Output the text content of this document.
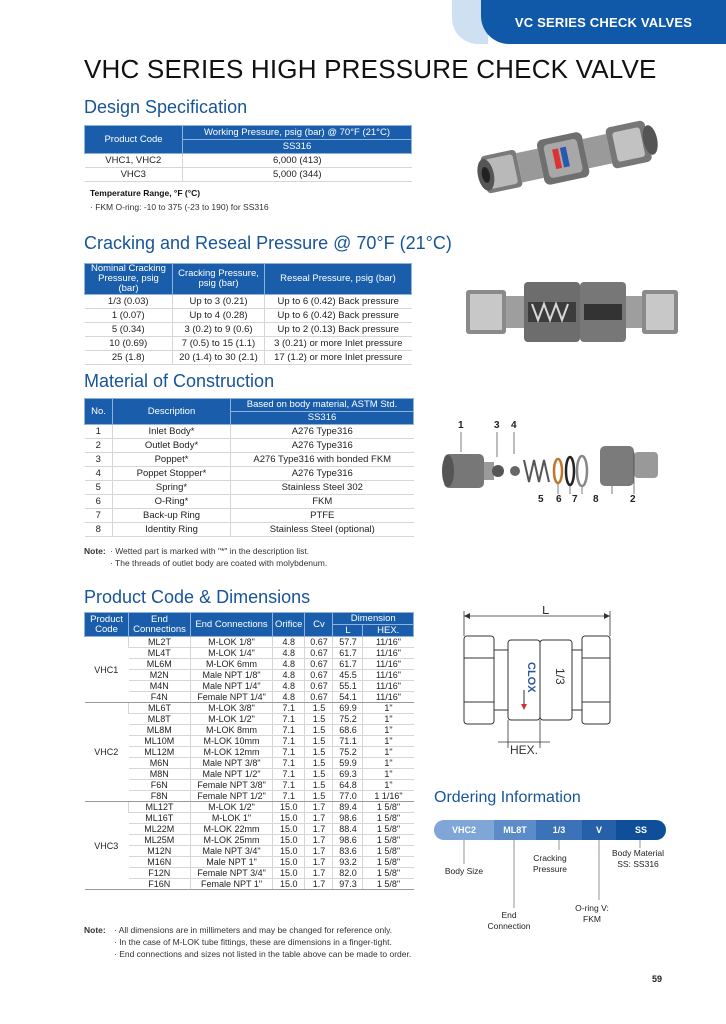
VC SERIES CHECK VALVES
VHC SERIES HIGH PRESSURE CHECK VALVE
Design Specification
Product Code	Working Pressure, psig (bar) @ 70°F (21°C)
	SS316
VHC1, VHC2	6,000 (413)
VHC3	5,000 (344)
Temperature Range, °F (°C)
· FKM O-ring: -10 to 375 (-23 to 190) for SS316
Cracking and Reseal Pressure @ 70°F (21°C)
Nominal Cracking Pressure, psig (bar)	Cracking Pressure, psig (bar)	Reseal Pressure, psig (bar)
1/3 (0.03)	Up to 3 (0.21)	Up to 6 (0.42) Back pressure
1 (0.07)	Up to 4 (0.28)	Up to 6 (0.42) Back pressure
5 (0.34)	3 (0.2) to 9 (0.6)	Up to 2 (0.13) Back pressure
10 (0.69)	7 (0.5) to 15 (1.1)	3 (0.21) or more Inlet pressure
25 (1.8)	20 (1.4) to 30 (2.1)	17 (1.2) or more Inlet pressure
Material of Construction
No.	Description	Based on body material, ASTM Std.
		SS316
1	Inlet Body*	A276 Type316
2	Outlet Body*	A276 Type316
3	Poppet*	A276 Type316 with bonded FKM
4	Poppet Stopper*	A276 Type316
5	Spring*	Stainless Steel 302
6	O-Ring*	FKM
7	Back-up Ring	PTFE
8	Identity Ring	Stainless Steel (optional)
1	3 4
5 6 7 8	2
Note: · Wetted part is marked with "*" in the description list.
· The threads of outlet body are coated with molybdenum.
Product Code & Dimensions
Product Code	End Connections	End Connections	Orifice	Cv	Dimension	
					L	HEX.
VHC1	ML2T	M-LOK 1/8"	4.8	0.67	57.7	11/16"
	ML4T	M-LOK 1/4"	4.8	0.67	61.7	11/16"
	ML6M	M-LOK 6mm	4.8	0.67	61.7	11/16"
	M2N	Male NPT 1/8"	4.8	0.67	45.5	11/16"
	M4N	Male NPT 1/4"	4.8	0.67	55.1	11/16"
	F4N	Female NPT 1/4"	4.8	0.67	54.1	11/16"
VHC2	ML6T	M-LOK 3/8"	7.1	1.5	69.9	1"
	ML8T	M-LOK 1/2"	7.1	1.5	75.2	1"
	ML8M	M-LOK 8mm	7.1	1.5	68.6	1"
	ML10M	M-LOK 10mm	7.1	1.5	71.1	1"
	ML12M	M-LOK 12mm	7.1	1.5	75.2	1"
	M6N	Male NPT 3/8"	7.1	1.5	59.9	1"
	M8N	Male NPT 1/2"	7.1	1.5	69.3	1"
	F6N	Female NPT 3/8"	7.1	1.5	64.8	1"
	F8N	Female NPT 1/2"	7.1	1.5	77.0	1 1/16"
VHC3	ML12T	M-LOK 1/2"	15.0	1.7	89.4	1 5/8"
	ML16T	M-LOK 1"	15.0	1.7	98.6	1 5/8"
	ML22M	M-LOK 22mm	15.0	1.7	88.4	1 5/8"
	ML25M	M-LOK 25mm	15.0	1.7	98.6	1 5/8"
	M12N	Male NPT 3/4"	15.0	1.7	83.6	1 5/8"
	M16N	Male NPT 1"	15.0	1.7	93.2	1 5/8"
	F12N	Female NPT 3/4"	15.0	1.7	82.0	1 5/8"
	F16N	Female NPT 1"	15.0	1.7	97.3	1 5/8"
Note: · All dimensions are in millimeters and may be changed for reference only.
· In the case of M-LOK tube fittings, these are dimensions in a finger-tight.
· End connections and sizes not listed in the table above can be made to order.
L
CLOX 1/3
HEX.
Ordering Information
VHC2	ML8T	1/3	V	SS
Body Size
Cracking Pressure
Body Material SS: SS316
End Connection
O-ring V: FKM
59
